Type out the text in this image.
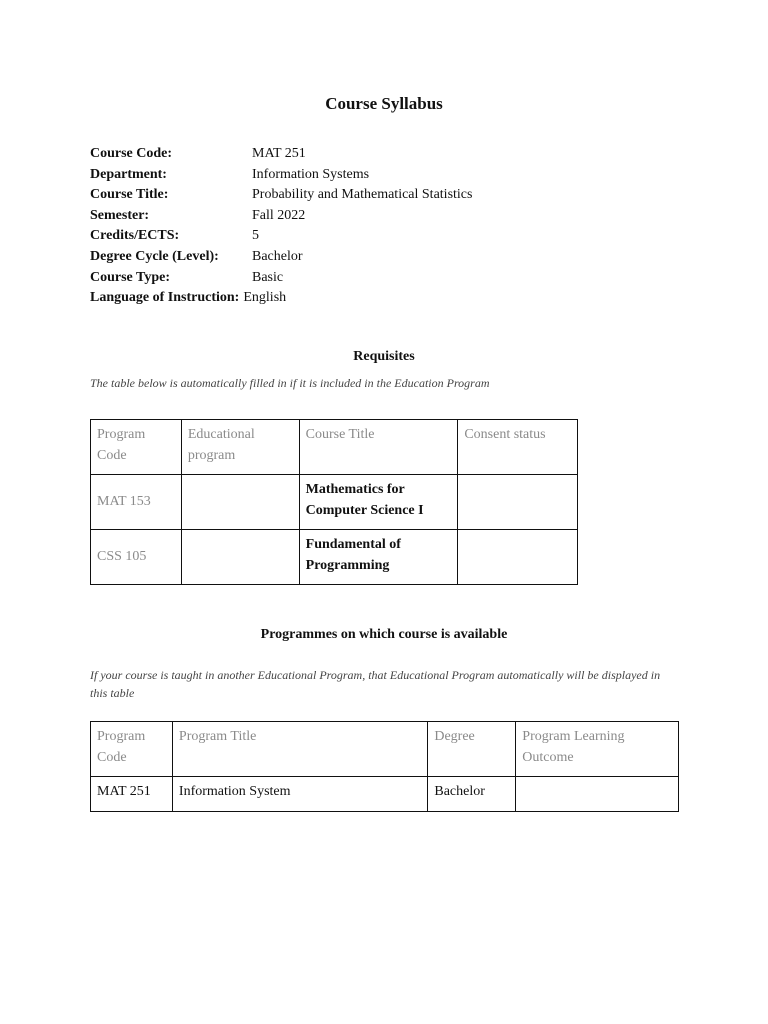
Course Syllabus
Course Code:	MAT 251
Department:	Information Systems
Course Title:	Probability and Mathematical Statistics
Semester:	Fall 2022
Credits/ECTS:	5
Degree Cycle (Level):	Bachelor
Course Type:	Basic
Language of Instruction: English
Requisites
The table below is automatically filled in if it is included in the Education Program
Program Code	Educational program	Course Title	Consent status
MAT 153		Mathematics for Computer Science I	
CSS 105		Fundamental of Programming	
Programmes on which course is available
If your course is taught in another Educational Program, that Educational Program automatically will be displayed in this table
Program Code	Program Title	Degree	Program Learning Outcome
MAT 251	Information System	Bachelor	
